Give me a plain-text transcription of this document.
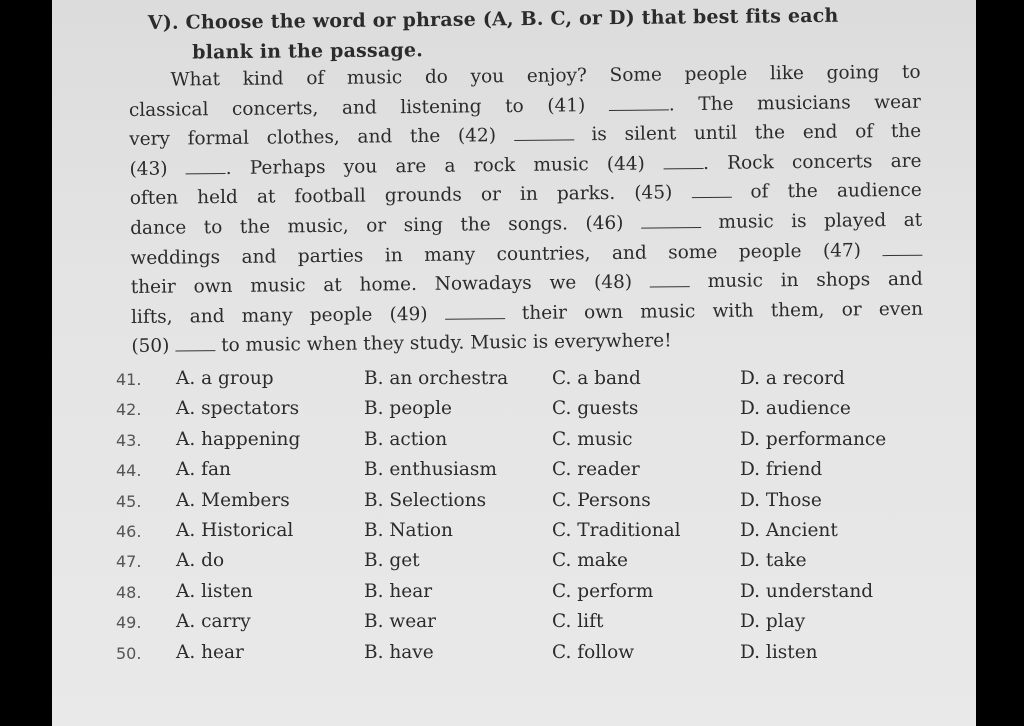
V). Choose the word or phrase (A, B. C, or D) that best fits each
blank in the passage.
What kind of music do you enjoy? Some people like going to
classical concerts, and listening to (41)	. The musicians wear
very formal clothes, and the (42)	is silent until the end of the
(43)	. Perhaps you are a rock music (44)	. Rock concerts are
often held at football grounds or in parks. (45)	of the audience
dance to the music, or sing the songs. (46)	music is played at
weddings and parties in many countries, and some people (47)
their own music at home. Nowadays we (48)	music in shops and
lifts, and many people (49)	their own music with them, or even
(50)	to music when they study. Music is everywhere!
41. A. a group	B. an orchestra C. a band	D. a record
42. A. spectators	B. people	C. guests	D. audience
43. A. happening	B. action	C. music	D. performance
44. A. fan	B. enthusiasm	C. reader	D. friend
45. A. Members	B. Selections	C. Persons	D. Those
46. A. Historical	B. Nation	C. Traditional	D. Ancient
47. A. do	B. get	C. make	D. take
48. A. listen	B. hear	C. perform	D. understand
49. A. carry	B. wear	C. lift	D. play
50. A. hear	B. have	C. follow	D. listen
